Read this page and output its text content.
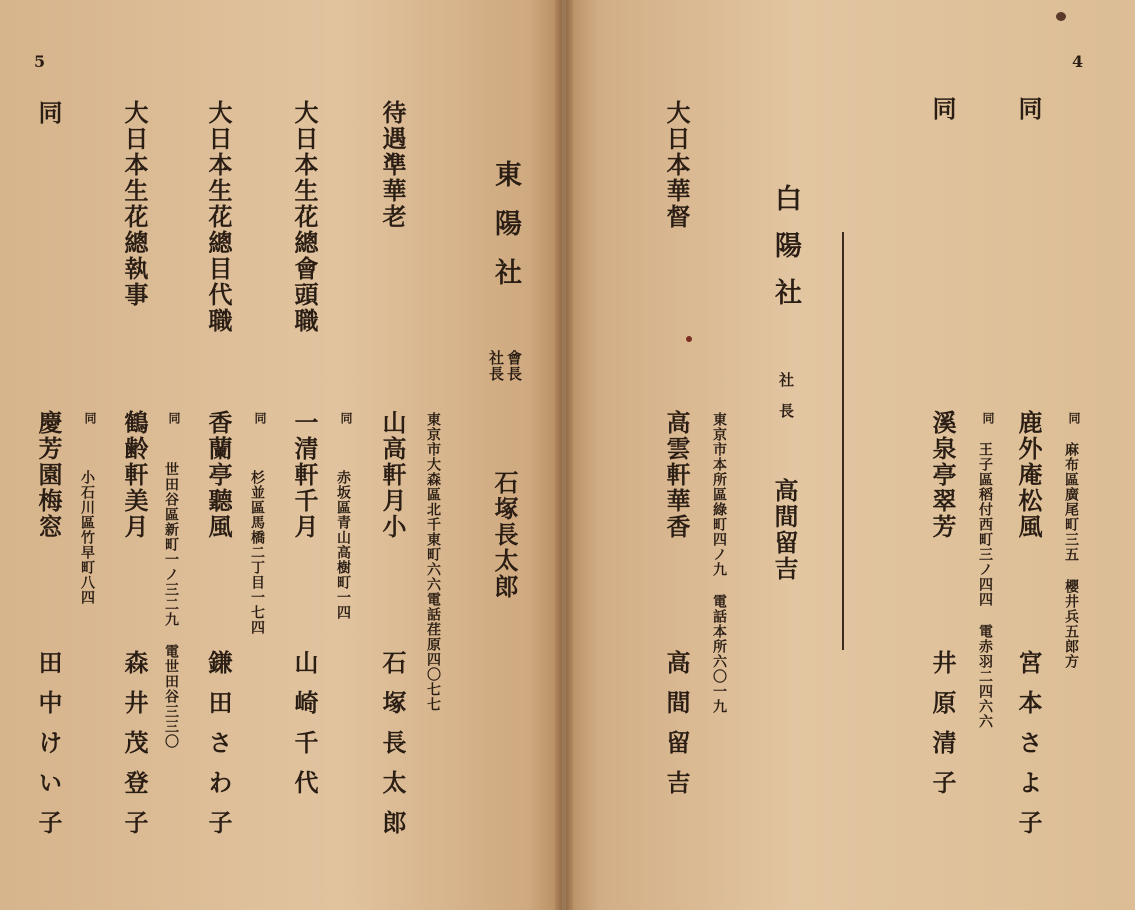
5
同
慶芳園梅窓
田中けい子
同
小石川區竹早町八四
大日本生花總執事
鶴齢軒美月
森井茂登子
同
世田谷區新町一ノ三二九 電世田谷三三〇
大日本生花總目代職
香蘭亭聽風
鎌田さわ子
同
杉並區馬橋二丁目一七四
大日本生花總會頭職
一清軒千月
山崎千代
同
赤坂區青山高樹町一四
待遇準華老
山高軒月小
石塚長太郎
東京市大森區北千東町六六電話荏原四〇七七
東陽社
會長
社長
石塚長太郎
4
同
同
同
麻布區廣尾町三五 櫻井兵五郎方
鹿外庵松風
宮本さよ子
同
王子區稻付西町三ノ四四 電赤羽二四六六
溪泉亭翠芳
井原清子
白陽社
社長
高間留吉
大日本華督
東京市本所區綠町四ノ九 電話本所六〇一九
高雲軒華香
高間留吉
